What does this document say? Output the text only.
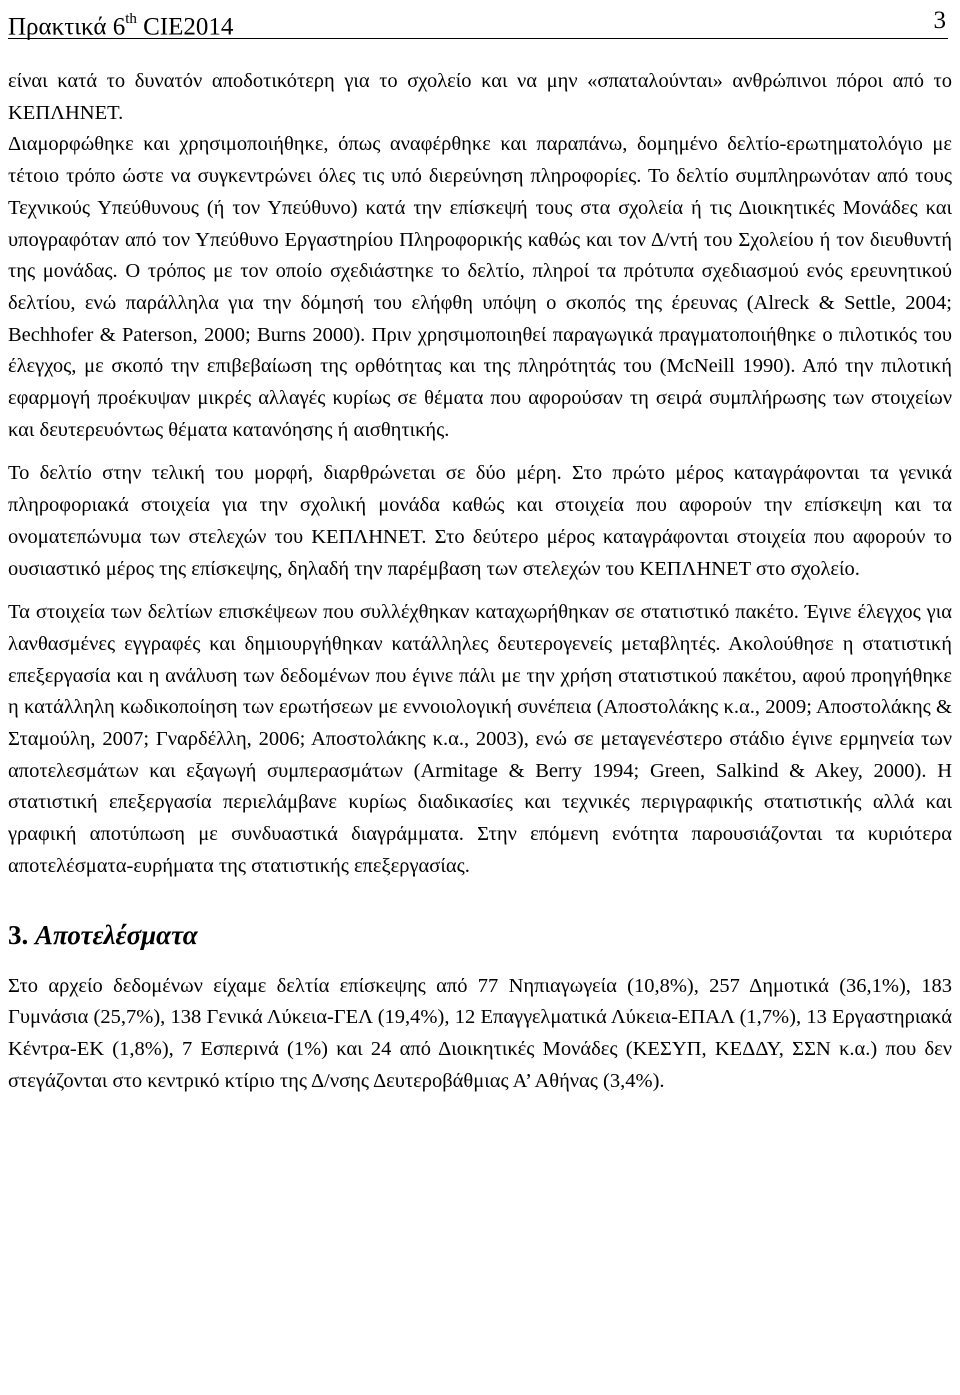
Πρακτικά 6th CIE2014	3

είναι κατά το δυνατόν αποδοτικότερη για το σχολείο και να μην «σπαταλούνται» ανθρώπινοι πόροι από το ΚΕΠΛΗΝΕΤ.

Διαμορφώθηκε και χρησιμοποιήθηκε, όπως αναφέρθηκε και παραπάνω, δομημένο δελτίο-ερωτηματολόγιο με τέτοιο τρόπο ώστε να συγκεντρώνει όλες τις υπό διερεύνηση πληροφορίες. Το δελτίο συμπληρωνόταν από τους Τεχνικούς Υπεύθυνους (ή τον Υπεύθυνο) κατά την επίσκεψή τους στα σχολεία ή τις Διοικητικές Μονάδες και υπογραφόταν από τον Υπεύθυνο Εργαστηρίου Πληροφορικής καθώς και τον Δ/ντή του Σχολείου ή τον διευθυντή της μονάδας. Ο τρόπος με τον οποίο σχεδιάστηκε το δελτίο, πληροί τα πρότυπα σχεδιασμού ενός ερευνητικού δελτίου, ενώ παράλληλα για την δόμησή του ελήφθη υπόψη ο σκοπός της έρευνας (Alreck & Settle, 2004; Bechhofer & Paterson, 2000; Burns 2000). Πριν χρησιμοποιηθεί παραγωγικά πραγματοποιήθηκε ο πιλοτικός του έλεγχος, με σκοπό την επιβεβαίωση της ορθότητας και της πληρότητάς του (McNeill 1990). Από την πιλοτική εφαρμογή προέκυψαν μικρές αλλαγές κυρίως σε θέματα που αφορούσαν τη σειρά συμπλήρωσης των στοιχείων και δευτερευόντως θέματα κατανόησης ή αισθητικής.

Το δελτίο στην τελική του μορφή, διαρθρώνεται σε δύο μέρη. Στο πρώτο μέρος καταγράφονται τα γενικά πληροφοριακά στοιχεία για την σχολική μονάδα καθώς και στοιχεία που αφορούν την επίσκεψη και τα ονοματεπώνυμα των στελεχών του ΚΕΠΛΗΝΕΤ. Στο δεύτερο μέρος καταγράφονται στοιχεία που αφορούν το ουσιαστικό μέρος της επίσκεψης, δηλαδή την παρέμβαση των στελεχών του ΚΕΠΛΗΝΕΤ στο σχολείο.

Τα στοιχεία των δελτίων επισκέψεων που συλλέχθηκαν καταχωρήθηκαν σε στατιστικό πακέτο. Έγινε έλεγχος για λανθασμένες εγγραφές και δημιουργήθηκαν κατάλληλες δευτερογενείς μεταβλητές. Ακολούθησε η στατιστική επεξεργασία και η ανάλυση των δεδομένων που έγινε πάλι με την χρήση στατιστικού πακέτου, αφού προηγήθηκε η κατάλληλη κωδικοποίηση των ερωτήσεων με εννοιολογική συνέπεια (Αποστολάκης κ.α., 2009; Αποστολάκης & Σταμούλη, 2007; Γναρδέλλη, 2006; Αποστολάκης κ.α., 2003), ενώ σε μεταγενέστερο στάδιο έγινε ερμηνεία των αποτελεσμάτων και εξαγωγή συμπερασμάτων (Armitage & Berry 1994; Green, Salkind & Akey, 2000). Η στατιστική επεξεργασία περιελάμβανε κυρίως διαδικασίες και τεχνικές περιγραφικής στατιστικής αλλά και γραφική αποτύπωση με συνδυαστικά διαγράμματα. Στην επόμενη ενότητα παρουσιάζονται τα κυριότερα αποτελέσματα-ευρήματα της στατιστικής επεξεργασίας.

3. Αποτελέσματα

Στο αρχείο δεδομένων είχαμε δελτία επίσκεψης από 77 Νηπιαγωγεία (10,8%), 257 Δημοτικά (36,1%), 183 Γυμνάσια (25,7%), 138 Γενικά Λύκεια-ΓΕΛ (19,4%), 12 Επαγγελματικά Λύκεια-ΕΠΑΛ (1,7%), 13 Εργαστηριακά Κέντρα-ΕΚ (1,8%), 7 Εσπερινά (1%) και 24 από Διοικητικές Μονάδες (ΚΕΣΥΠ, ΚΕΔΔΥ, ΣΣΝ κ.α.) που δεν στεγάζονται στο κεντρικό κτίριο της Δ/νσης Δευτεροβάθμιας Α’ Αθήνας (3,4%).
